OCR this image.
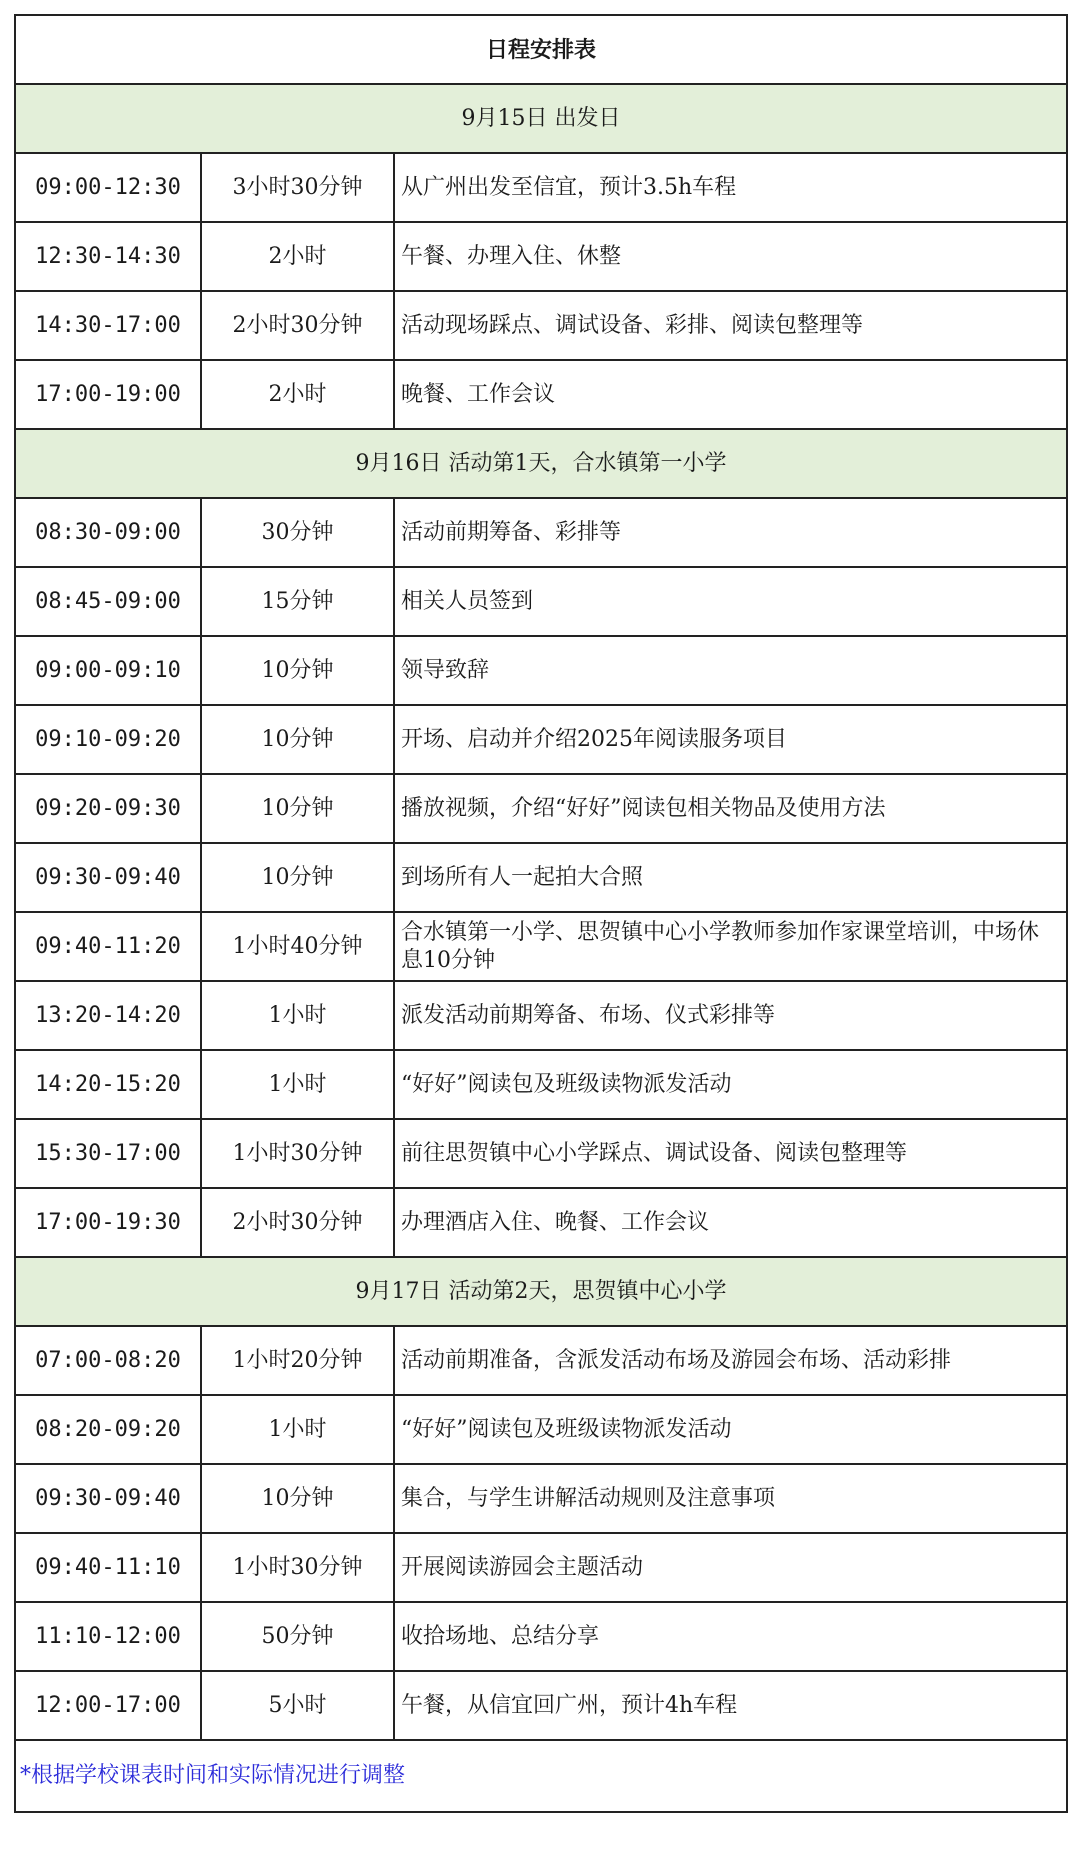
日程安排表		
9月15日 出发日		
09:00-12:30	3小时30分钟	从广州出发至信宜，预计3.5h车程
12:30-14:30	2小时	午餐、办理入住、休整
14:30-17:00	2小时30分钟	活动现场踩点、调试设备、彩排、阅读包整理等
17:00-19:00	2小时	晚餐、工作会议
9月16日 活动第1天，合水镇第一小学		
08:30-09:00	30分钟	活动前期筹备、彩排等
08:45-09:00	15分钟	相关人员签到
09:00-09:10	10分钟	领导致辞
09:10-09:20	10分钟	开场、启动并介绍2025年阅读服务项目
09:20-09:30	10分钟	播放视频，介绍“好好”阅读包相关物品及使用方法
09:30-09:40	10分钟	到场所有人一起拍大合照
09:40-11:20	1小时40分钟	合水镇第一小学、思贺镇中心小学教师参加作家课堂培训，中场休息10分钟
13:20-14:20	1小时	派发活动前期筹备、布场、仪式彩排等
14:20-15:20	1小时	“好好”阅读包及班级读物派发活动
15:30-17:00	1小时30分钟	前往思贺镇中心小学踩点、调试设备、阅读包整理等
17:00-19:30	2小时30分钟	办理酒店入住、晚餐、工作会议
9月17日 活动第2天，思贺镇中心小学		
07:00-08:20	1小时20分钟	活动前期准备，含派发活动布场及游园会布场、活动彩排
08:20-09:20	1小时	“好好”阅读包及班级读物派发活动
09:30-09:40	10分钟	集合，与学生讲解活动规则及注意事项
09:40-11:10	1小时30分钟	开展阅读游园会主题活动
11:10-12:00	50分钟	收拾场地、总结分享
12:00-17:00	5小时	午餐，从信宜回广州，预计4h车程
*根据学校课表时间和实际情况进行调整		
